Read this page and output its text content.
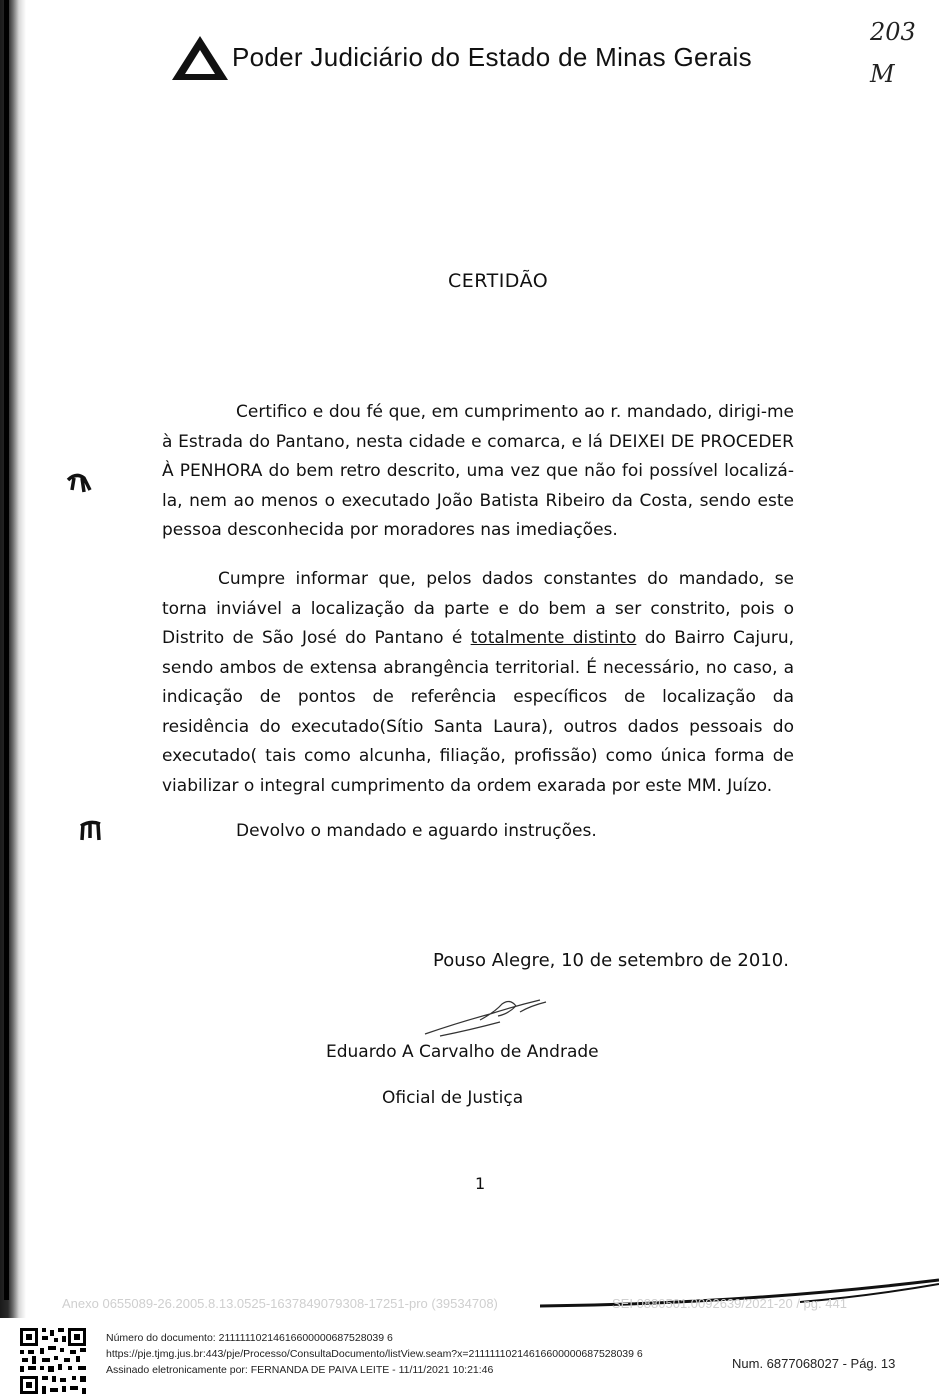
Poder Judiciário do Estado de Minas Gerais
203
M
CERTIDÃO
Certifico e dou fé que, em cumprimento ao r. mandado, dirigi-me à Estrada do Pantano, nesta cidade e comarca, e lá DEIXEI DE PROCEDER À PENHORA do bem retro descrito, uma vez que não foi possível localizá-la, nem ao menos o executado João Batista Ribeiro da Costa, sendo este pessoa desconhecida por moradores nas imediações.
Cumpre informar que, pelos dados constantes do mandado, se torna inviável a localização da parte e do bem a ser constrito, pois o Distrito de São José do Pantano é totalmente distinto do Bairro Cajuru, sendo ambos de extensa abrangência territorial. É necessário, no caso, a indicação de pontos de referência específicos de localização da residência do executado(Sítio Santa Laura), outros dados pessoais do executado( tais como alcunha, filiação, profissão) como única forma de viabilizar o integral cumprimento da ordem exarada por este MM. Juízo.
Devolvo o mandado e aguardo instruções.
Pouso Alegre, 10 de setembro de 2010.
Eduardo A Carvalho de Andrade
Oficial de Justiça
1
Anexo 0655089-26.2005.8.13.0525-1637849079308-17251-pro (39534708)	SEI 0880501.0092639/2021-20 / pg. 441
Número do documento: 21111110214616600000687528039 6
https://pje.tjmg.jus.br:443/pje/Processo/ConsultaDocumento/listView.seam?x=21111110214616600000687528039 6
Assinado eletronicamente por: FERNANDA DE PAIVA LEITE - 11/11/2021 10:21:46	Num. 6877068027 - Pág. 13
